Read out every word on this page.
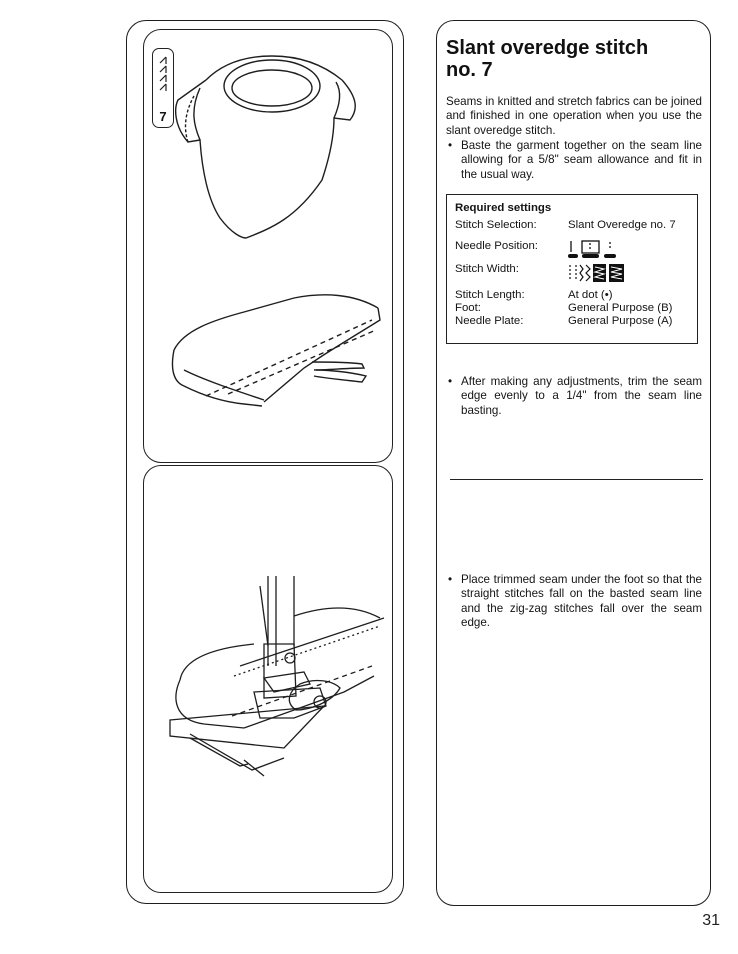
7
Slant overedge stitch
no. 7
Seams in knitted and stretch fabrics can be joined and finished in one operation when you use the slant overedge stitch.
• Baste the garment together on the seam line allowing for a 5/8" seam allowance and fit in the usual way.
Required settings
Stitch Selection:	Slant Overedge no. 7
Needle Position:
Stitch Width:
Stitch Length:	At dot (•)
Foot:	General Purpose (B)
Needle Plate:	General Purpose (A)
• After making any adjustments, trim the seam edge evenly to a 1/4" from the seam line basting.
• Place trimmed seam under the foot so that the straight stitches fall on the basted seam line and the zig-zag stitches fall over the seam edge.
31
